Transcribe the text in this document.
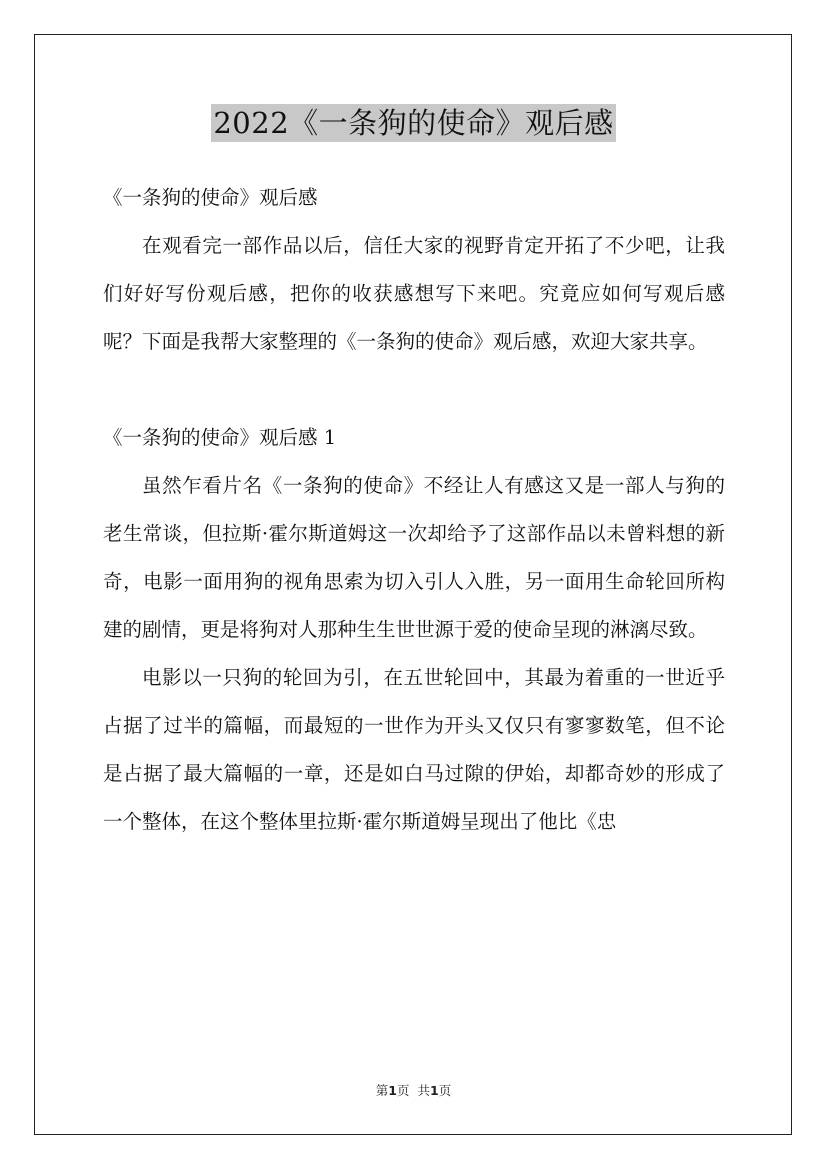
2022《一条狗的使命》观后感

《一条狗的使命》观后感

在观看完一部作品以后，信任大家的视野肯定开拓了不少吧，让我们好好写份观后感，把你的收获感想写下来吧。究竟应如何写观后感呢？下面是我帮大家整理的《一条狗的使命》观后感，欢迎大家共享。

《一条狗的使命》观后感 1

虽然乍看片名《一条狗的使命》不经让人有感这又是一部人与狗的老生常谈，但拉斯·霍尔斯道姆这一次却给予了这部作品以未曾料想的新奇，电影一面用狗的视角思索为切入引人入胜，另一面用生命轮回所构建的剧情，更是将狗对人那种生生世世源于爱的使命呈现的淋漓尽致。

电影以一只狗的轮回为引，在五世轮回中，其最为着重的一世近乎占据了过半的篇幅，而最短的一世作为开头又仅只有寥寥数笔，但不论是占据了最大篇幅的一章，还是如白马过隙的伊始，却都奇妙的形成了一个整体，在这个整体里拉斯·霍尔斯道姆呈现出了他比《忠

第1页 共1页
